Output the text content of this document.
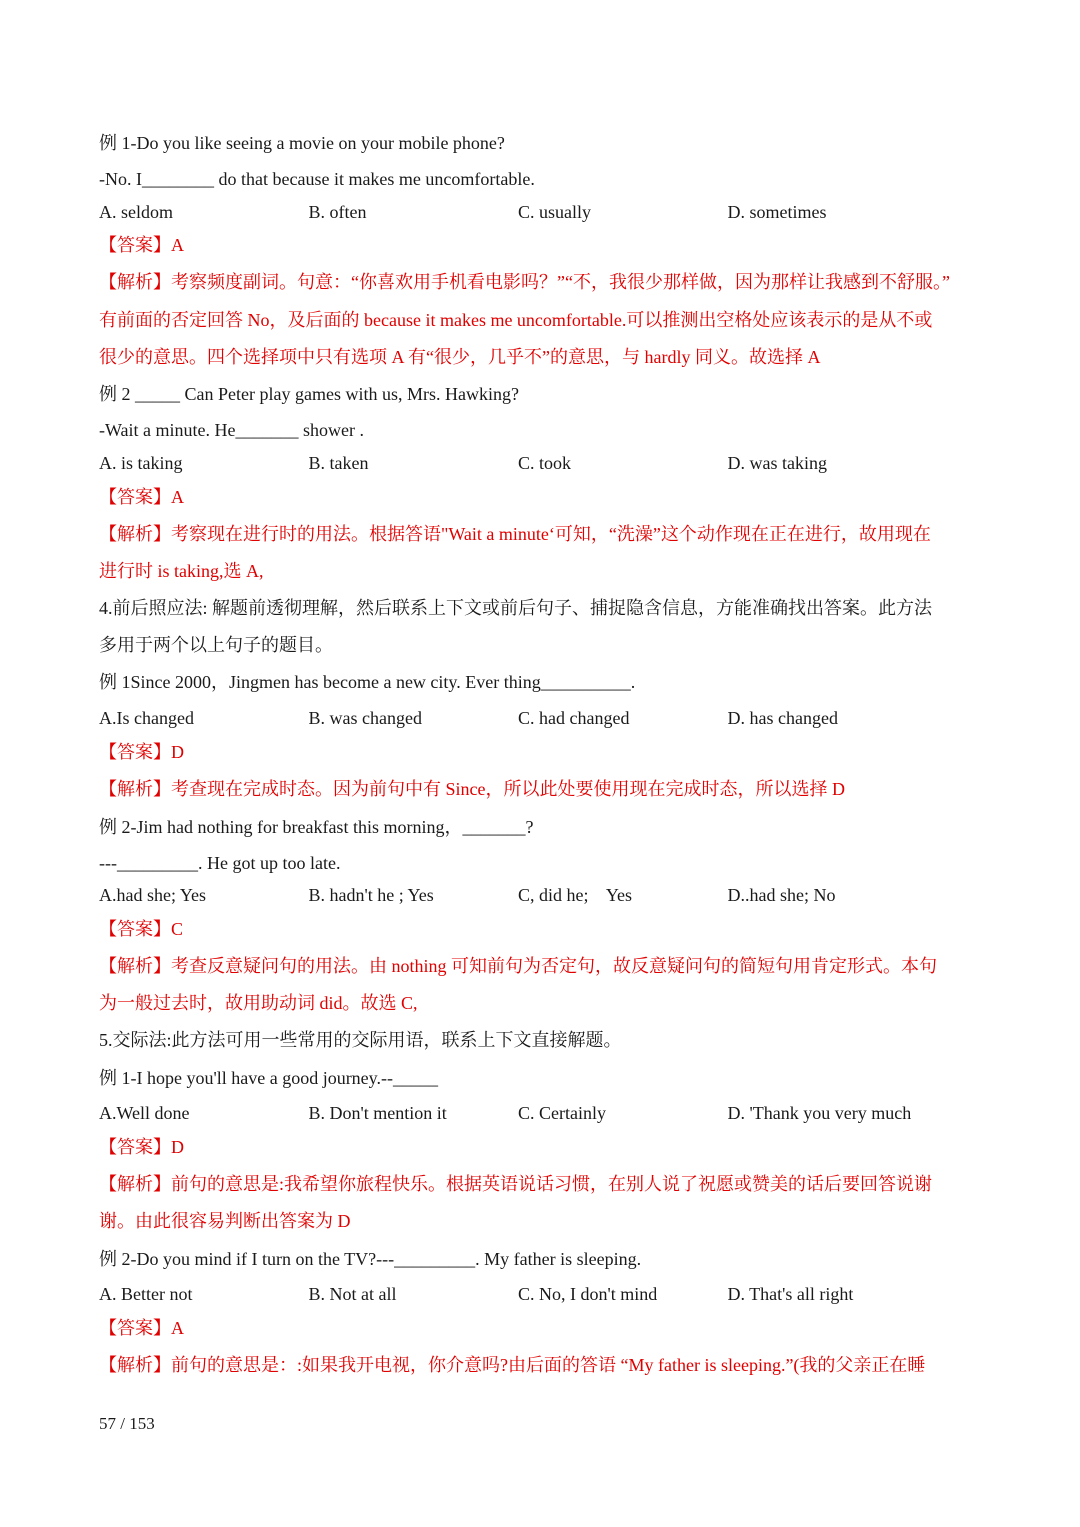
例 1-Do you like seeing a movie on your mobile phone?
-No. I________ do that because it makes me uncomfortable.
A. seldom	B. often	C. usually	D. sometimes
【答案】A
【解析】考察频度副词。句意：“你喜欢用手机看电影吗？”“不，我很少那样做，因为那样让我感到不舒服。”
有前面的否定回答 No，及后面的 because it makes me uncomfortable.可以推测出空格处应该表示的是从不或
很少的意思。四个选择项中只有选项 A 有“很少，几乎不”的意思，与 hardly 同义。故选择 A
例 2 _____ Can Peter play games with us, Mrs. Hawking?
-Wait a minute. He_______ shower .
A. is taking	B. taken	C. took	D. was taking
【答案】A
【解析】考察现在进行时的用法。根据答语"Wait a minute‘可知，“洗澡”这个动作现在正在进行，故用现在
进行时 is taking,选 A,
4.前后照应法: 解题前透彻理解，然后联系上下文或前后句子、捕捉隐含信息，方能准确找出答案。此方法
多用于两个以上句子的题目。
例 1Since 2000，Jingmen has become a new city. Ever thing__________.
A.Is changed	B. was changed	C. had changed	D. has changed
【答案】D
【解析】考查现在完成时态。因为前句中有 Since，所以此处要使用现在完成时态，所以选择 D
例 2-Jim had nothing for breakfast this morning，_______?
---_________. He got up too late.
A.had she; Yes	B. hadn't he ; Yes	C, did he;    Yes	D..had she; No
【答案】C
【解析】考查反意疑问句的用法。由 nothing 可知前句为否定句，故反意疑问句的简短句用肯定形式。本句
为一般过去时，故用助动词 did。故选 C,
5.交际法:此方法可用一些常用的交际用语，联系上下文直接解题。
例 1-I hope you'll have a good journey.--_____
A.Well done	B. Don't mention it	C. Certainly	D. 'Thank you very much
【答案】D
【解析】前句的意思是:我希望你旅程快乐。根据英语说话习惯，在别人说了祝愿或赞美的话后要回答说谢
谢。由此很容易判断出答案为 D
例 2-Do you mind if I turn on the TV?---_________. My father is sleeping.
A. Better not	B. Not at all	C. No, I don't mind	D. That's all right
【答案】A
【解析】前句的意思是：:如果我开电视，你介意吗?由后面的答语 “My father is sleeping.”(我的父亲正在睡
57 / 153
